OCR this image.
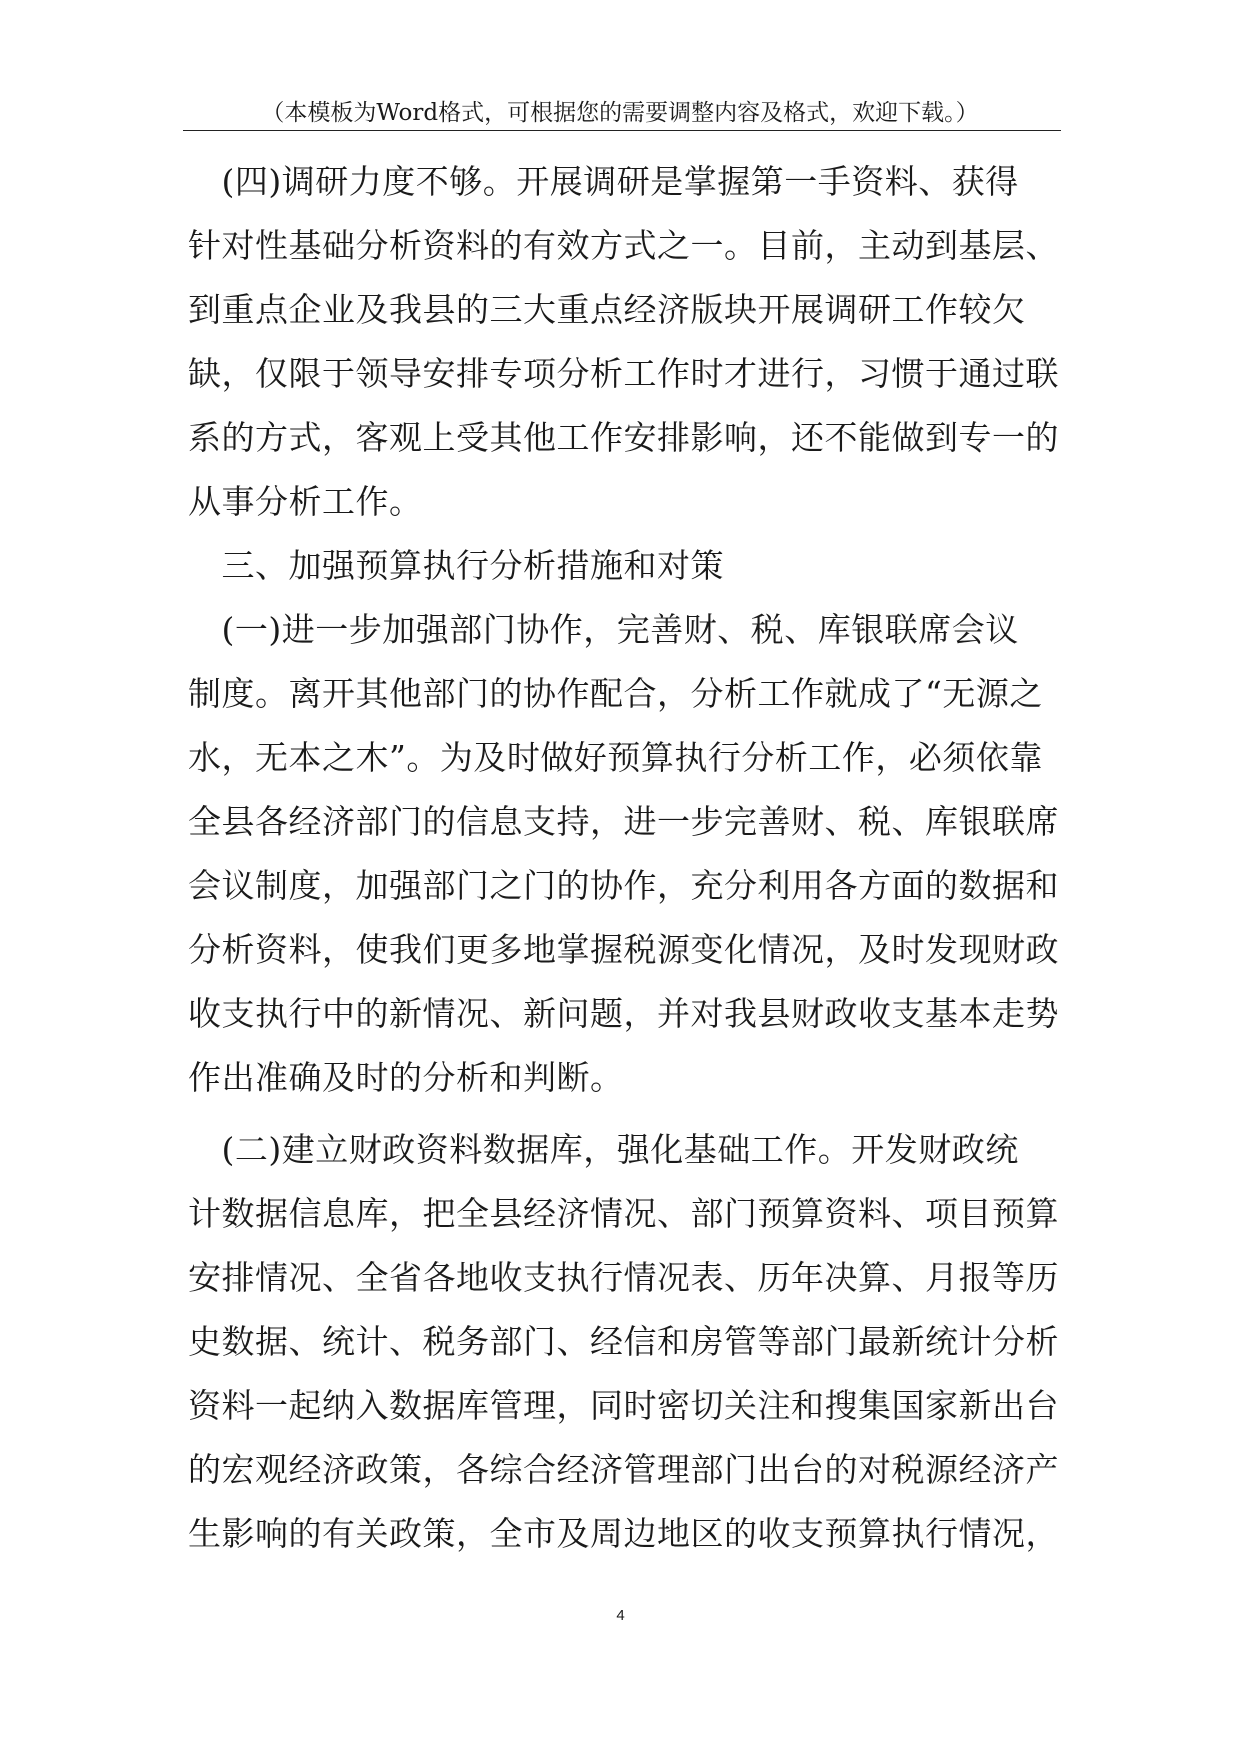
（本模板为Word格式，可根据您的需要调整内容及格式，欢迎下载。）
　(四)调研力度不够。开展调研是掌握第一手资料、获得
针对性基础分析资料的有效方式之一。目前，主动到基层、
到重点企业及我县的三大重点经济版块开展调研工作较欠
缺，仅限于领导安排专项分析工作时才进行，习惯于通过联
系的方式，客观上受其他工作安排影响，还不能做到专一的
从事分析工作。
　三、加强预算执行分析措施和对策
　(一)进一步加强部门协作，完善财、税、库银联席会议
制度。离开其他部门的协作配合，分析工作就成了“无源之
水，无本之木”。为及时做好预算执行分析工作，必须依靠
全县各经济部门的信息支持，进一步完善财、税、库银联席
会议制度，加强部门之门的协作，充分利用各方面的数据和
分析资料，使我们更多地掌握税源变化情况，及时发现财政
收支执行中的新情况、新问题，并对我县财政收支基本走势
作出准确及时的分析和判断。
　(二)建立财政资料数据库，强化基础工作。开发财政统
计数据信息库，把全县经济情况、部门预算资料、项目预算
安排情况、全省各地收支执行情况表、历年决算、月报等历
史数据、统计、税务部门、经信和房管等部门最新统计分析
资料一起纳入数据库管理，同时密切关注和搜集国家新出台
的宏观经济政策，各综合经济管理部门出台的对税源经济产
生影响的有关政策，全市及周边地区的收支预算执行情况，
4
